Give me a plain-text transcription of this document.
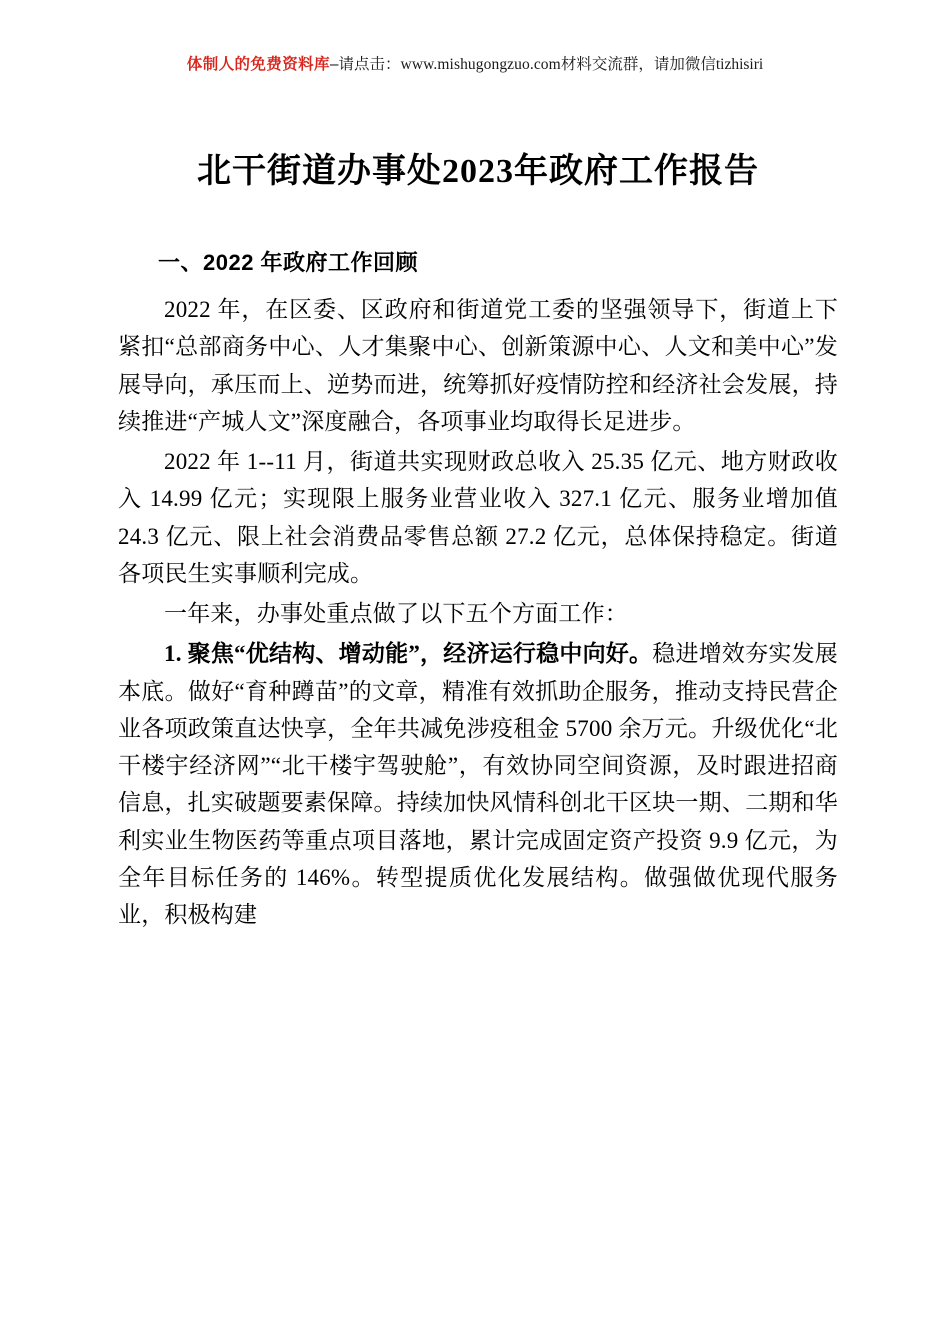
体制人的免费资料库–请点击：www.mishugongzuo.com材料交流群，请加微信tizhisiri
北干街道办事处2023年政府工作报告
一、2022 年政府工作回顾

2022 年，在区委、区政府和街道党工委的坚强领导下，街道上下紧扣“总部商务中心、人才集聚中心、创新策源中心、人文和美中心”发展导向，承压而上、逆势而进，统筹抓好疫情防控和经济社会发展，持续推进“产城人文”深度融合，各项事业均取得长足进步。

2022 年 1--11 月，街道共实现财政总收入 25.35 亿元、地方财政收入 14.99 亿元；实现限上服务业营业收入 327.1 亿元、服务业增加值 24.3 亿元、限上社会消费品零售总额 27.2 亿元，总体保持稳定。街道各项民生实事顺利完成。

一年来，办事处重点做了以下五个方面工作：

1. 聚焦“优结构、增动能”，经济运行稳中向好。稳进增效夯实发展本底。做好“育种蹲苗”的文章，精准有效抓助企服务，推动支持民营企业各项政策直达快享，全年共减免涉疫租金 5700 余万元。升级优化“北干楼宇经济网”“北干楼宇驾驶舱”，有效协同空间资源，及时跟进招商信息，扎实破题要素保障。持续加快风情科创北干区块一期、二期和华利实业生物医药等重点项目落地，累计完成固定资产投资 9.9 亿元，为全年目标任务的 146%。转型提质优化发展结构。做强做优现代服务业，积极构建
